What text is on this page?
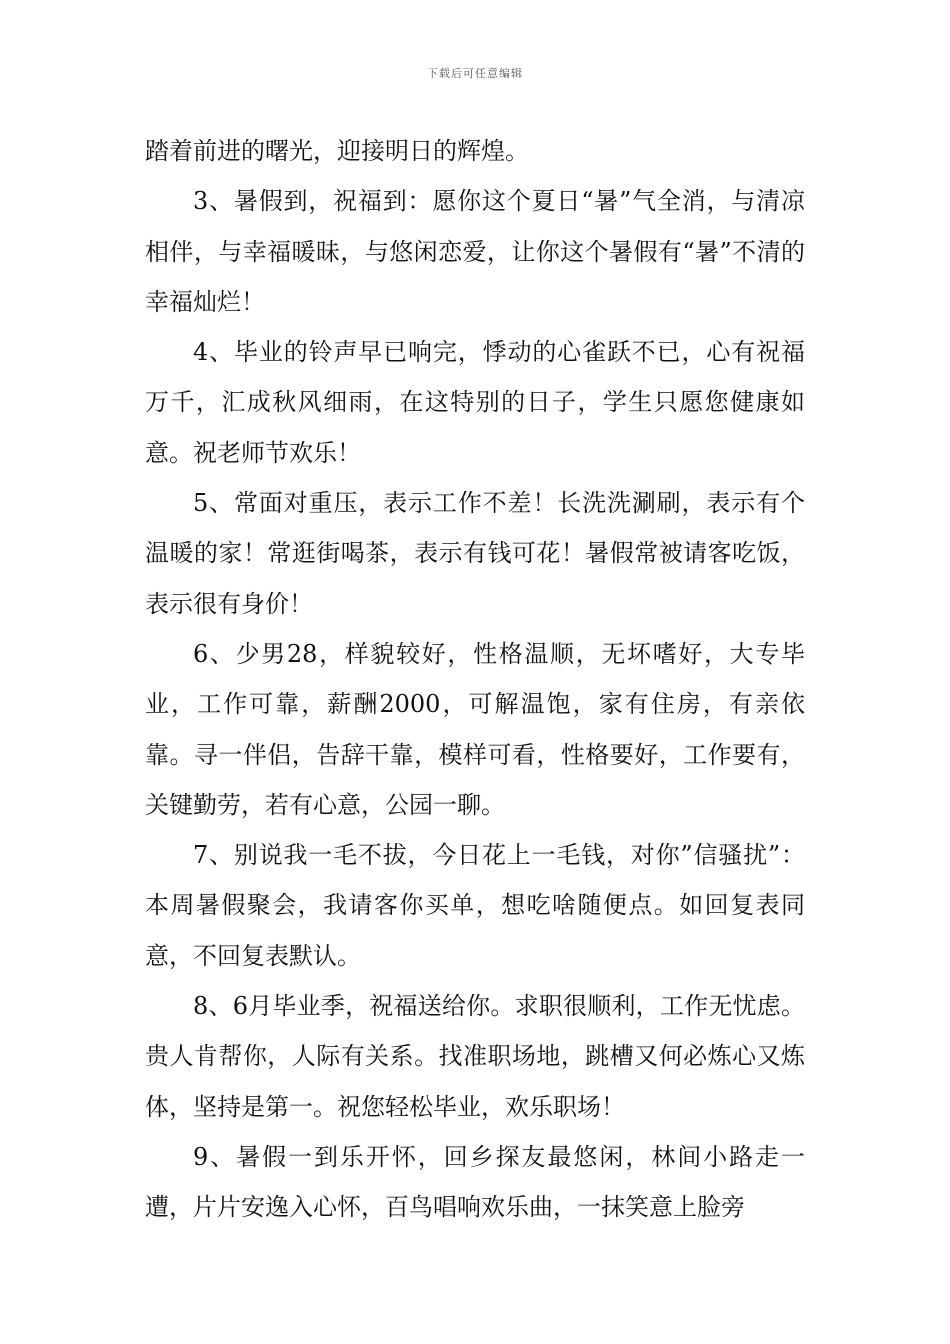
下载后可任意编辑

踏着前进的曙光，迎接明日的辉煌。

3、暑假到，祝福到：愿你这个夏日“暑”气全消，与清凉相伴，与幸福暖昧，与悠闲恋爱，让你这个暑假有“暑”不清的幸福灿烂！

4、毕业的铃声早已响完，悸动的心雀跃不已，心有祝福万千，汇成秋风细雨，在这特别的日子，学生只愿您健康如意。祝老师节欢乐！

5、常面对重压，表示工作不差！长洗洗涮刷，表示有个温暖的家！常逛街喝茶，表示有钱可花！暑假常被请客吃饭，表示很有身价！

6、少男28，样貌较好，性格温顺，无坏嗜好，大专毕业，工作可靠，薪酬2000，可解温饱，家有住房，有亲依靠。寻一伴侣，告辞干靠，模样可看，性格要好，工作要有，关键勤劳，若有心意，公园一聊。

7、别说我一毛不拔，今日花上一毛钱，对你”信骚扰”：本周暑假聚会，我请客你买单，想吃啥随便点。如回复表同意，不回复表默认。

8、6月毕业季，祝福送给你。求职很顺利，工作无忧虑。贵人肯帮你，人际有关系。找准职场地，跳槽又何必炼心又炼体，坚持是第一。祝您轻松毕业，欢乐职场！

9、暑假一到乐开怀，回乡探友最悠闲，林间小路走一遭，片片安逸入心怀，百鸟唱响欢乐曲，一抹笑意上脸旁
